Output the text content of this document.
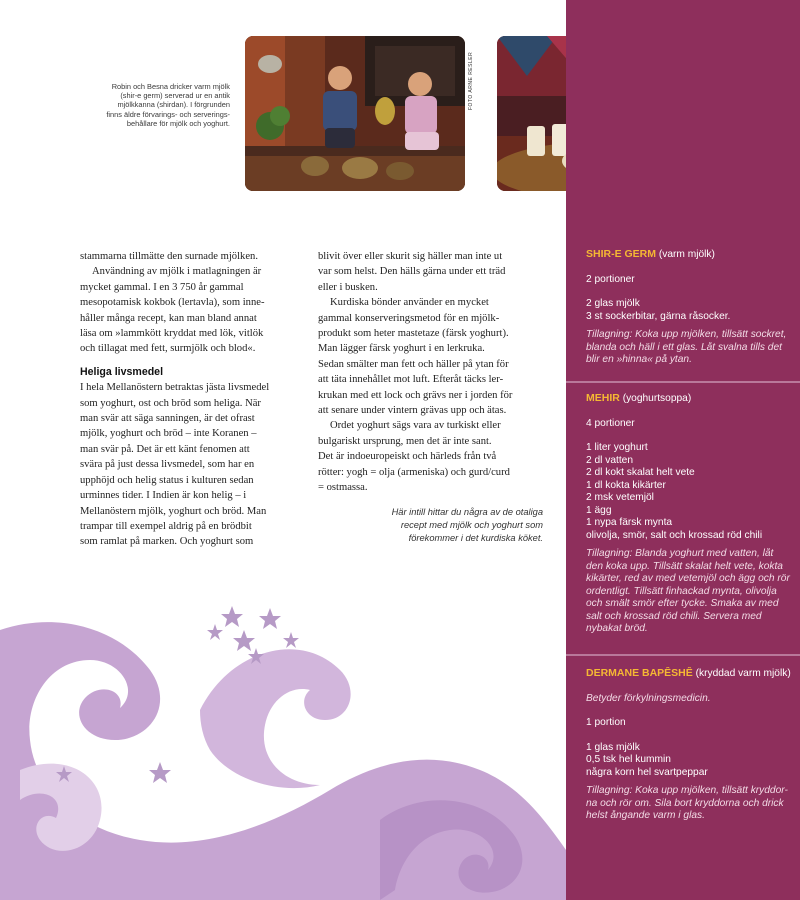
FOTO ARNE RESLER
Robin och Besna dricker varm mjölk
(shir-e germ) serverad ur en antik
mjölkkanna (shirdan). I förgrunden
finns äldre förvarings- och serverings-
behållare för mjölk och yoghurt.
stammarna tillmätte den surnade mjölken.
Användning av mjölk i matlagningen är
mycket gammal. I en 3 750 år gammal
mesopotamisk kokbok (lertavla), som inne-
håller många recept, kan man bland annat
läsa om »lammkött kryddat med lök, vitlök
och tillagat med fett, surmjölk och blod«.
Heliga livsmedel
I hela Mellanöstern betraktas jästa livsmedel
som yoghurt, ost och bröd som heliga. När
man svär att säga sanningen, är det ofrast
mjölk, yoghurt och bröd – inte Koranen –
man svär på. Det är ett känt fenomen att
svära på just dessa livsmedel, som har en
upphöjd och helig status i kulturen sedan
urminnes tider. I Indien är kon helig – i
Mellanöstern mjölk, yoghurt och bröd. Man
trampar till exempel aldrig på en brödbit
som ramlat på marken. Och yoghurt som
blivit över eller skurit sig häller man inte ut
var som helst. Den hälls gärna under ett träd
eller i busken.
Kurdiska bönder använder en mycket
gammal konserveringsmetod för en mjölk-
produkt som heter mastetaze (färsk yoghurt).
Man lägger färsk yoghurt i en lerkruka.
Sedan smälter man fett och häller på ytan för
att täta innehållet mot luft. Efteråt täcks ler-
krukan med ett lock och grävs ner i jorden för
att senare under vintern grävas upp och ätas.
Ordet yoghurt sägs vara av turkiskt eller
bulgariskt ursprung, men det är inte sant.
Det är indoeuropeiskt och härleds från två
rötter: yogh = olja (armeniska) och gurd/curd
= ostmassa.
Här intill hittar du några av de otaliga
recept med mjölk och yoghurt som
förekommer i det kurdiska köket.
SHIR-E GERM (varm mjölk)
2 portioner
2 glas mjölk
3 st sockerbitar, gärna råsocker.
Tillagning: Koka upp mjölken, tillsätt sockret,
blanda och häll i ett glas. Låt svalna tills det
blir en »hinna« på ytan.
MEHIR (yoghurtsoppa)
4 portioner
1 liter yoghurt
2 dl vatten
2 dl kokt skalat helt vete
1 dl kokta kikärter
2 msk vetemjöl
1 ägg
1 nypa färsk mynta
olivolja, smör, salt och krossad röd chili
Tillagning: Blanda yoghurt med vatten, låt
den koka upp. Tillsätt skalat helt vete, kokta
kikärter, red av med vetemjöl och ägg och rör
ordentligt. Tillsätt finhackad mynta, olivolja
och smält smör efter tycke. Smaka av med
salt och krossad röd chili. Servera med
nybakat bröd.
DERMANE BAPÊSHÊ (kryddad varm mjölk)
Betyder förkylningsmedicin.
1 portion
1 glas mjölk
0,5 tsk hel kummin
några korn hel svartpeppar
Tillagning: Koka upp mjölken, tillsätt kryddor-
na och rör om. Sila bort kryddorna och drick
helst ångande varm i glas.
